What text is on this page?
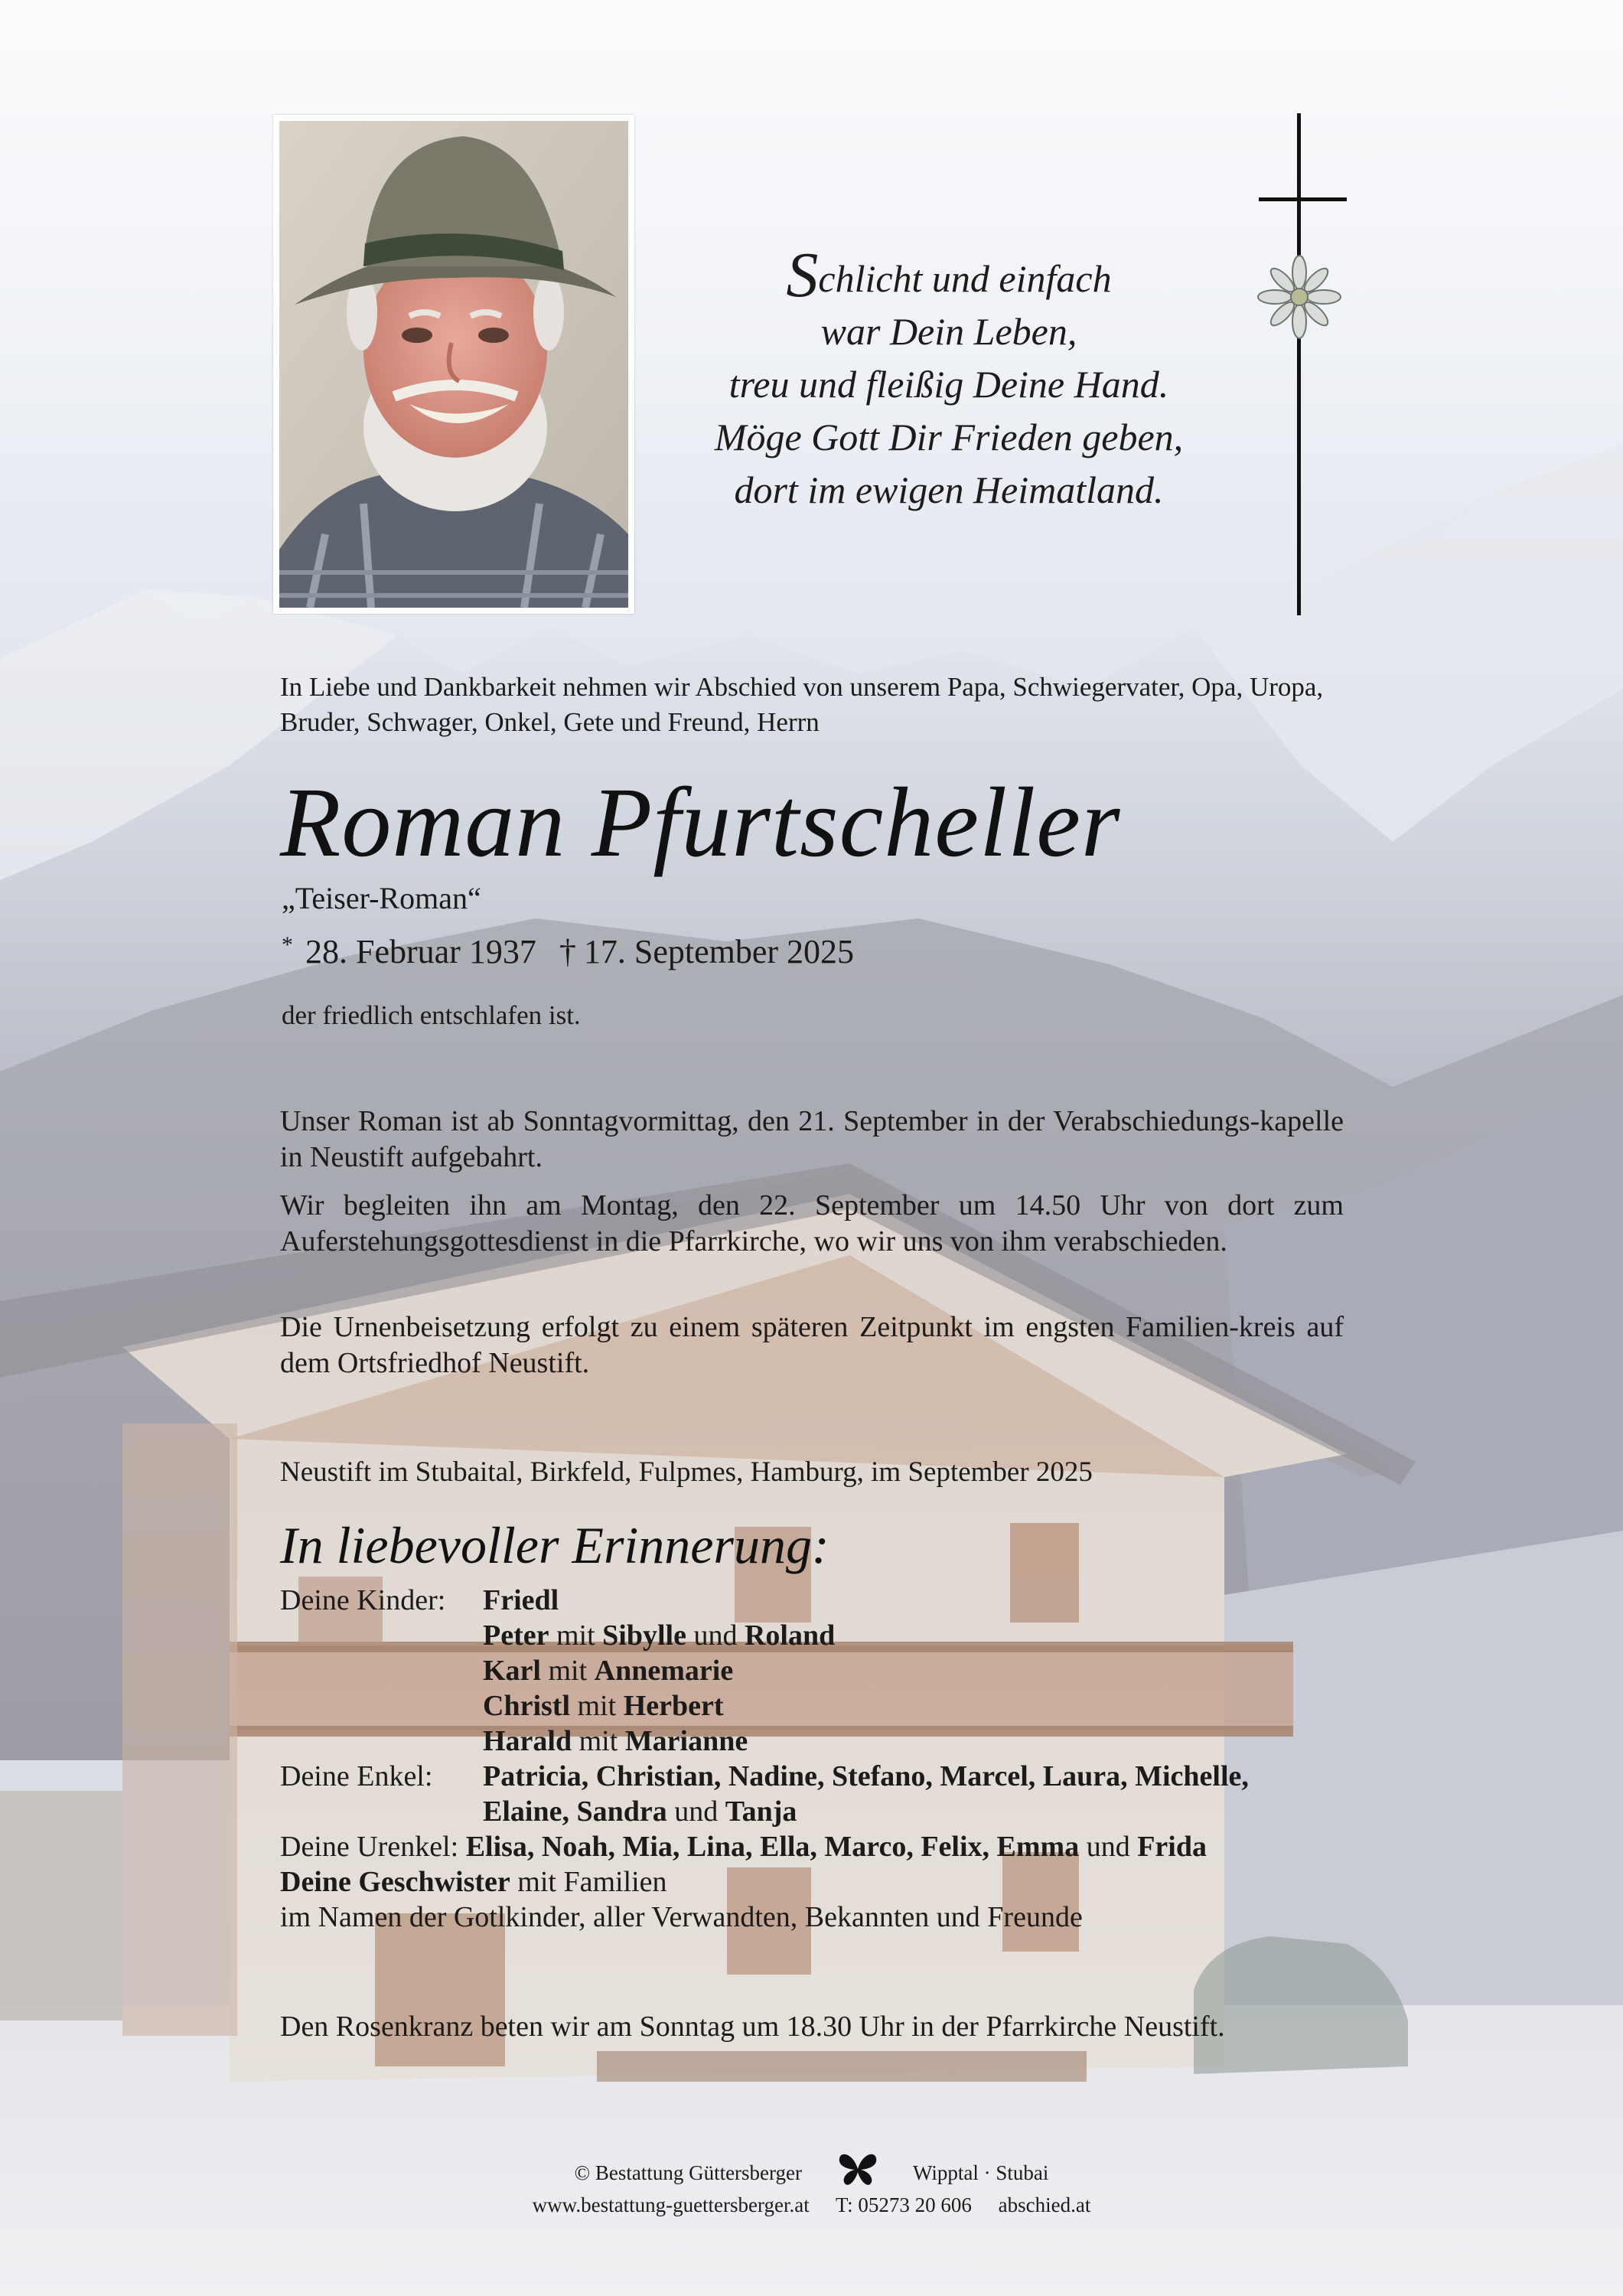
Schlicht und einfach
war Dein Leben,
treu und fleißig Deine Hand.
Möge Gott Dir Frieden geben,
dort im ewigen Heimatland.
In Liebe und Dankbarkeit nehmen wir Abschied von unserem Papa, Schwiegervater, Opa, Uropa, Bruder, Schwager, Onkel, Gete und Freund, Herrn
Roman Pfurtscheller
„Teiser-Roman“
* 28. Februar 1937 † 17. September 2025
der friedlich entschlafen ist.
Unser Roman ist ab Sonntagvormittag, den 21. September in der Verabschiedungs-kapelle in Neustift aufgebahrt.
Wir begleiten ihn am Montag, den 22. September um 14.50 Uhr von dort zum Auferstehungsgottesdienst in die Pfarrkirche, wo wir uns von ihm verabschieden.
Die Urnenbeisetzung erfolgt zu einem späteren Zeitpunkt im engsten Familien-kreis auf dem Ortsfriedhof Neustift.
Neustift im Stubaital, Birkfeld, Fulpmes, Hamburg, im September 2025
In liebevoller Erinnerung:
Deine Kinder:	Friedl
Peter mit Sibylle und Roland
Karl mit Annemarie
Christl mit Herbert
Harald mit Marianne
Deine Enkel:	Patricia, Christian, Nadine, Stefano, Marcel, Laura, Michelle,
Elaine, Sandra und Tanja
Deine Urenkel: Elisa, Noah, Mia, Lina, Ella, Marco, Felix, Emma und Frida
Deine Geschwister mit Familien
im Namen der Gotlkinder, aller Verwandten, Bekannten und Freunde
Den Rosenkranz beten wir am Sonntag um 18.30 Uhr in der Pfarrkirche Neustift.
© Bestattung Güttersberger	Wipptal · Stubai
www.bestattung-guettersberger.at T: 05273 20 606 abschied.at
